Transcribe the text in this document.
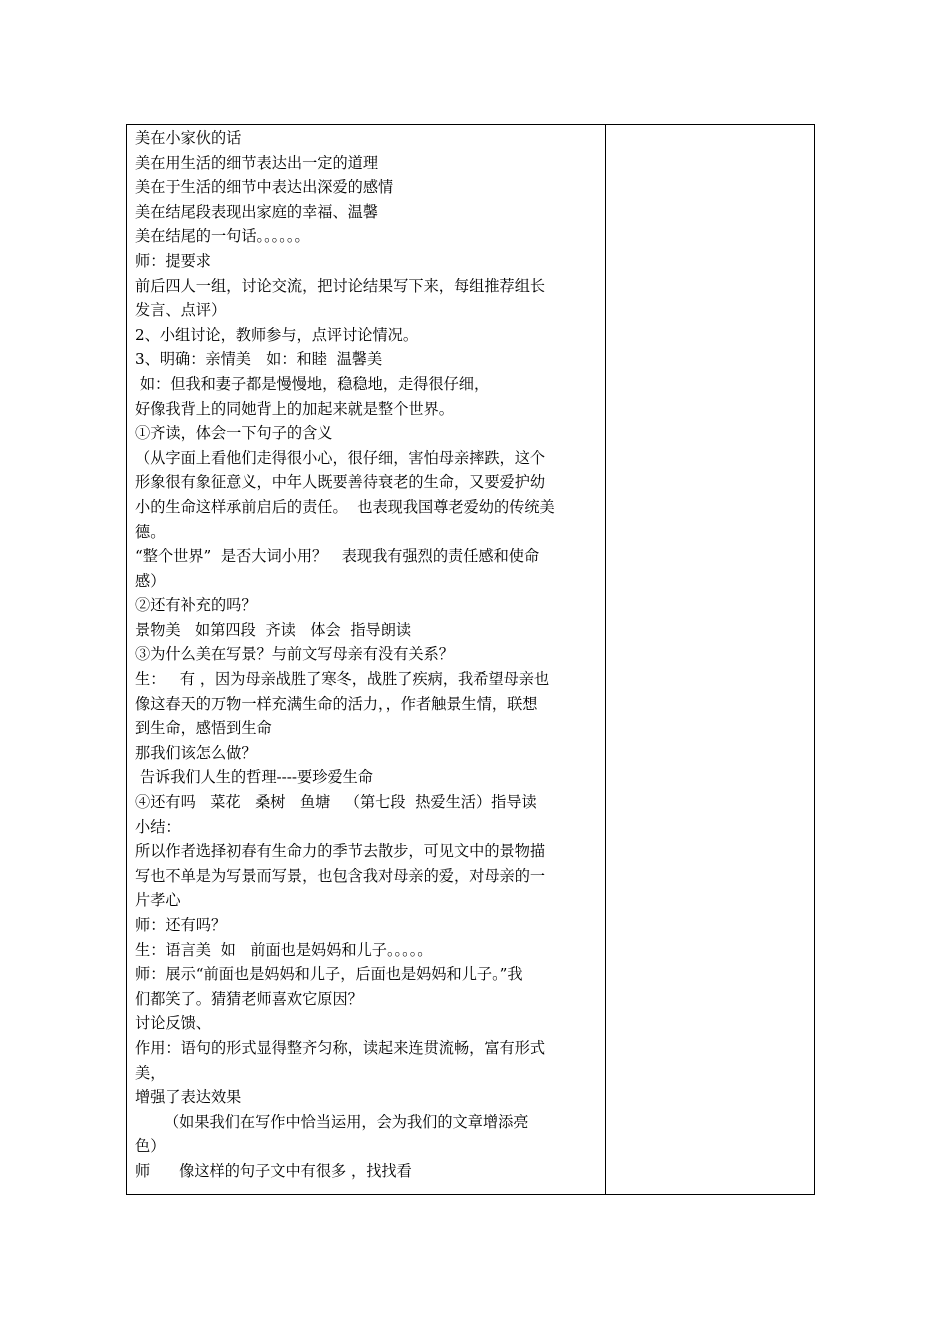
美在小家伙的话
美在用生活的细节表达出一定的道理
美在于生活的细节中表达出深爱的感情
美在结尾段表现出家庭的幸福、温馨
美在结尾的一句话。。。。。。
师：提要求
前后四人一组，讨论交流，把讨论结果写下来，每组推荐组长
发言、点评）
2、小组讨论，教师参与，点评讨论情况。
3、明确：亲情美　如：和睦  温馨美
如：但我和妻子都是慢慢地，稳稳地，走得很仔细，
好像我背上的同她背上的加起来就是整个世界。
①齐读，体会一下句子的含义
（从字面上看他们走得很小心，很仔细，害怕母亲摔跌，这个
形象很有象征意义，中年人既要善待衰老的生命，又要爱护幼
小的生命这样承前启后的责任。  也表现我国尊老爱幼的传统美
德。
“整个世界”  是否大词小用？   表现我有强烈的责任感和使命
感）
②还有补充的吗？
景物美   如第四段  齐读   体会  指导朗读
③为什么美在写景？与前文写母亲有没有关系？
生：   有 ，因为母亲战胜了寒冬，战胜了疾病，我希望母亲也
像这春天的万物一样充满生命的活力，，作者触景生情，联想
到生命，感悟到生命
那我们该怎么做？
告诉我们人生的哲理----要珍爱生命
④还有吗   菜花   桑树   鱼塘   （第七段  热爱生活）指导读
小结：
所以作者选择初春有生命力的季节去散步，可见文中的景物描
写也不单是为写景而写景，也包含我对母亲的爱，对母亲的一
片孝心
师：还有吗？
生：语言美  如   前面也是妈妈和儿子。。。。。
师：展示“前面也是妈妈和儿子，后面也是妈妈和儿子。”我
们都笑了。猜猜老师喜欢它原因？
讨论反馈、
作用：语句的形式显得整齐匀称，读起来连贯流畅，富有形式
美，
增强了表达效果
（如果我们在写作中恰当运用，会为我们的文章增添亮
色）
师      像这样的句子文中有很多 ，找找看
